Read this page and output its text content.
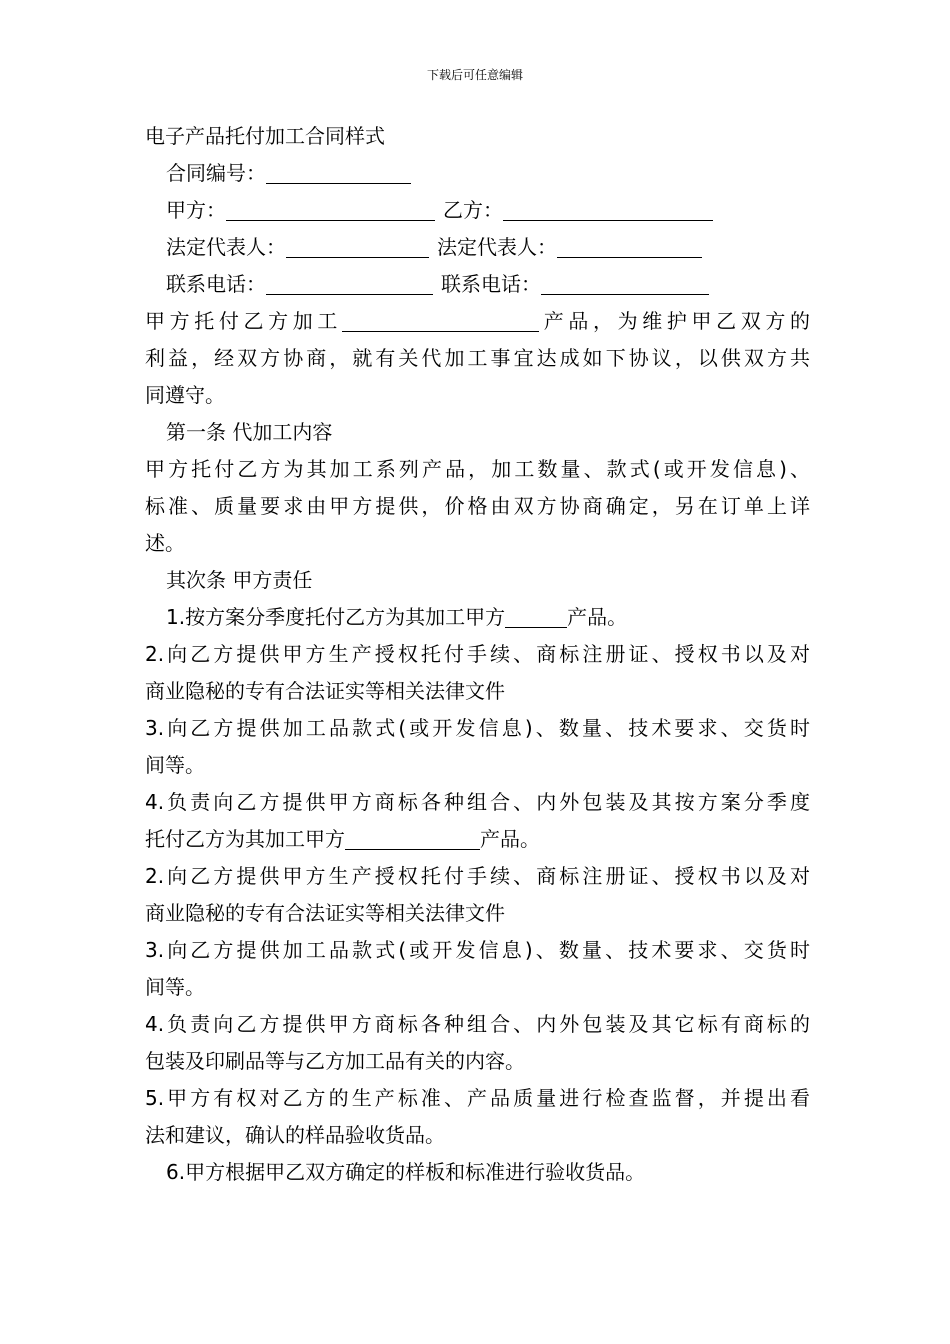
下载后可任意编辑
电子产品托付加工合同样式
合同编号：
甲方：	乙方：
法定代表人：	法定代表人：
联系电话：	联系电话：
甲方托付乙方加工	产品，为维护甲乙双方的
利益，经双方协商，就有关代加工事宜达成如下协议，以供双方共
同遵守。
第一条 代加工内容
甲方托付乙方为其加工系列产品，加工数量、款式(或开发信息)、
标准、质量要求由甲方提供，价格由双方协商确定，另在订单上详
述。
其次条 甲方责任
1.按方案分季度托付乙方为其加工甲方	产品。
2.向乙方提供甲方生产授权托付手续、商标注册证、授权书以及对
商业隐秘的专有合法证实等相关法律文件
3.向乙方提供加工品款式(或开发信息)、数量、技术要求、交货时
间等。
4.负责向乙方提供甲方商标各种组合、内外包装及其按方案分季度
托付乙方为其加工甲方	产品。
2.向乙方提供甲方生产授权托付手续、商标注册证、授权书以及对
商业隐秘的专有合法证实等相关法律文件
3.向乙方提供加工品款式(或开发信息)、数量、技术要求、交货时
间等。
4.负责向乙方提供甲方商标各种组合、内外包装及其它标有商标的
包装及印刷品等与乙方加工品有关的内容。
5.甲方有权对乙方的生产标准、产品质量进行检查监督，并提出看
法和建议，确认的样品验收货品。
6.甲方根据甲乙双方确定的样板和标准进行验收货品。
